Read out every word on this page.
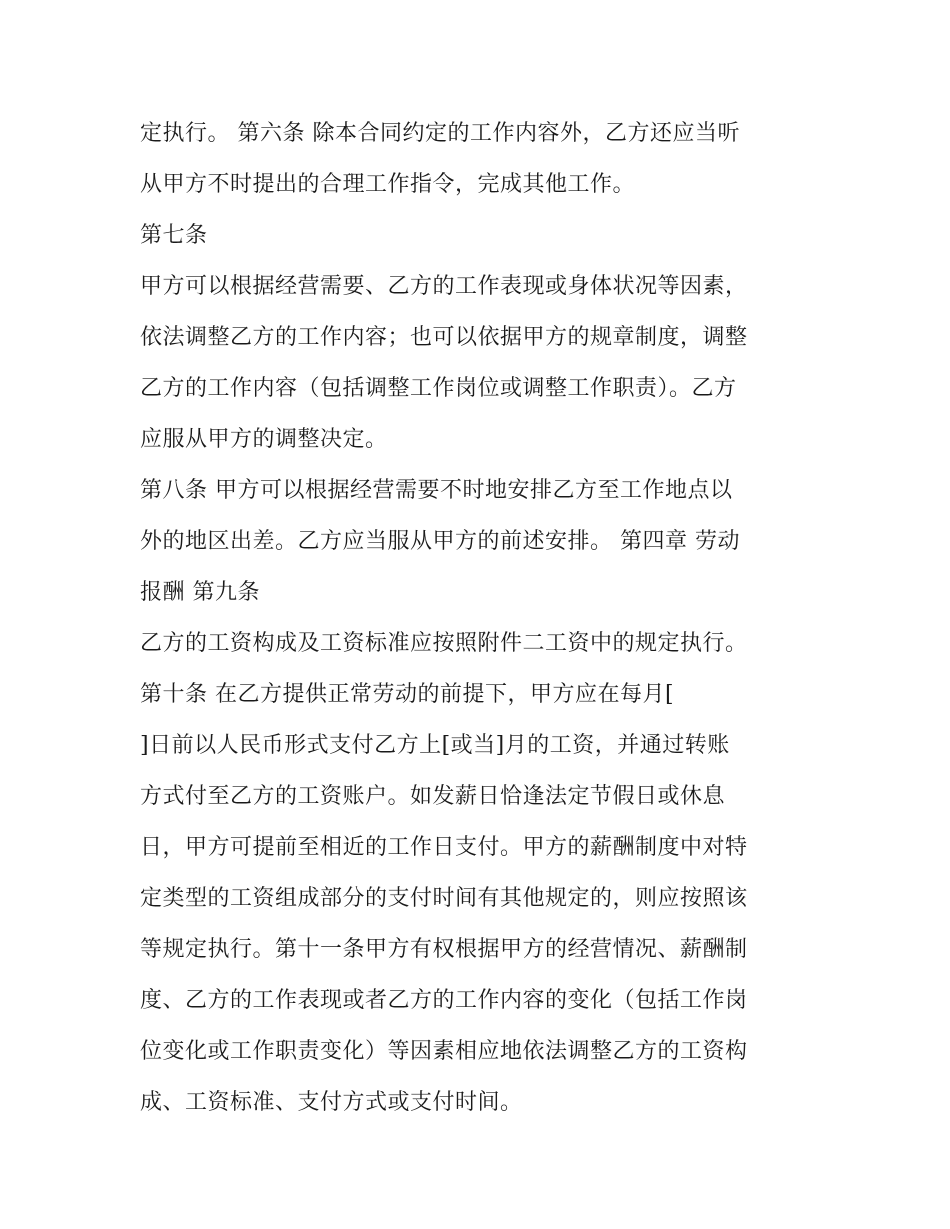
定执行。 第六条 除本合同约定的工作内容外，乙方还应当听
从甲方不时提出的合理工作指令，完成其他工作。
第七条
甲方可以根据经营需要、乙方的工作表现或身体状况等因素，
依法调整乙方的工作内容；也可以依据甲方的规章制度，调整
乙方的工作内容（包括调整工作岗位或调整工作职责）。乙方
应服从甲方的调整决定。
第八条 甲方可以根据经营需要不时地安排乙方至工作地点以
外的地区出差。乙方应当服从甲方的前述安排。 第四章 劳动
报酬 第九条
乙方的工资构成及工资标准应按照附件二工资中的规定执行。
第十条 在乙方提供正常劳动的前提下，甲方应在每月[
]日前以人民币形式支付乙方上[或当]月的工资，并通过转账
方式付至乙方的工资账户。如发薪日恰逢法定节假日或休息
日，甲方可提前至相近的工作日支付。甲方的薪酬制度中对特
定类型的工资组成部分的支付时间有其他规定的，则应按照该
等规定执行。第十一条甲方有权根据甲方的经营情况、薪酬制
度、乙方的工作表现或者乙方的工作内容的变化（包括工作岗
位变化或工作职责变化）等因素相应地依法调整乙方的工资构
成、工资标准、支付方式或支付时间。
